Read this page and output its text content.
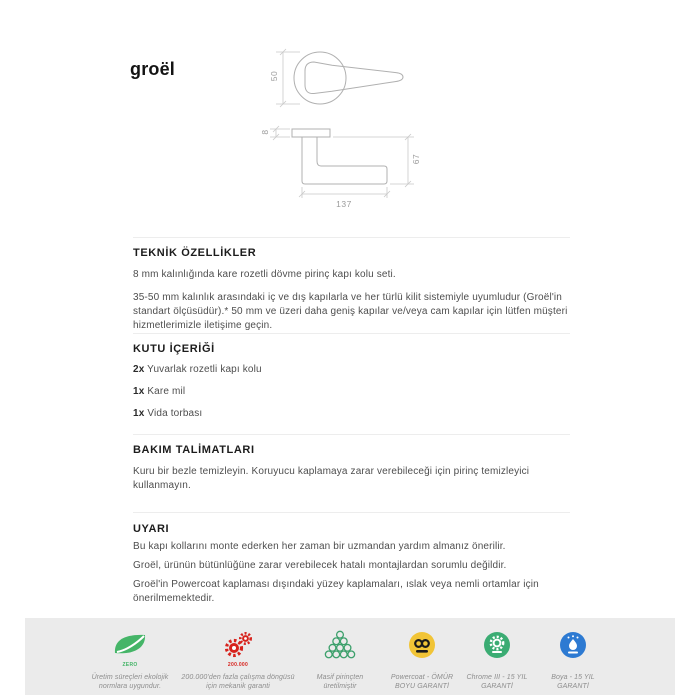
groël	50
8
67
137
TEKNİK ÖZELLİKLER

8 mm kalınlığında kare rozetli dövme pirinç kapı kolu seti.

35-50 mm kalınlık arasındaki iç ve dış kapılarla ve her türlü kilit sistemiyle uyumludur (Groël'in standart ölçüsüdür).* 50 mm ve üzeri daha geniş kapılar ve/veya cam kapılar için lütfen müşteri hizmetlerimizle iletişime geçin.

KUTU İÇERİĞİ

2x Yuvarlak rozetli kapı kolu

1x Kare mil

1x Vida torbası

BAKIM TALİMATLARI

Kuru bir bezle temizleyin. Koruyucu kaplamaya zarar verebileceği için pirinç temizleyici kullanmayın.

UYARI

Bu kapı kollarını monte ederken her zaman bir uzmandan yardım almanız önerilir.

Groël, ürünün bütünlüğüne zarar verebilecek hatalı montajlardan sorumlu değildir.

Groël'in Powercoat kaplaması dışındaki yüzey kaplamaları, ıslak veya nemli ortamlar için önerilmemektedir.

ZERO
Üretim süreçleri ekolojik normlara uygundur.
200.000
200.000'den fazla çalışma döngüsü için mekanik garanti
Masif pirinçten üretilmiştir
Powercoat - ÖMÜR BOYU GARANTİ
Chrome III - 15 YIL GARANTİ
Boya - 15 YIL GARANTİ
